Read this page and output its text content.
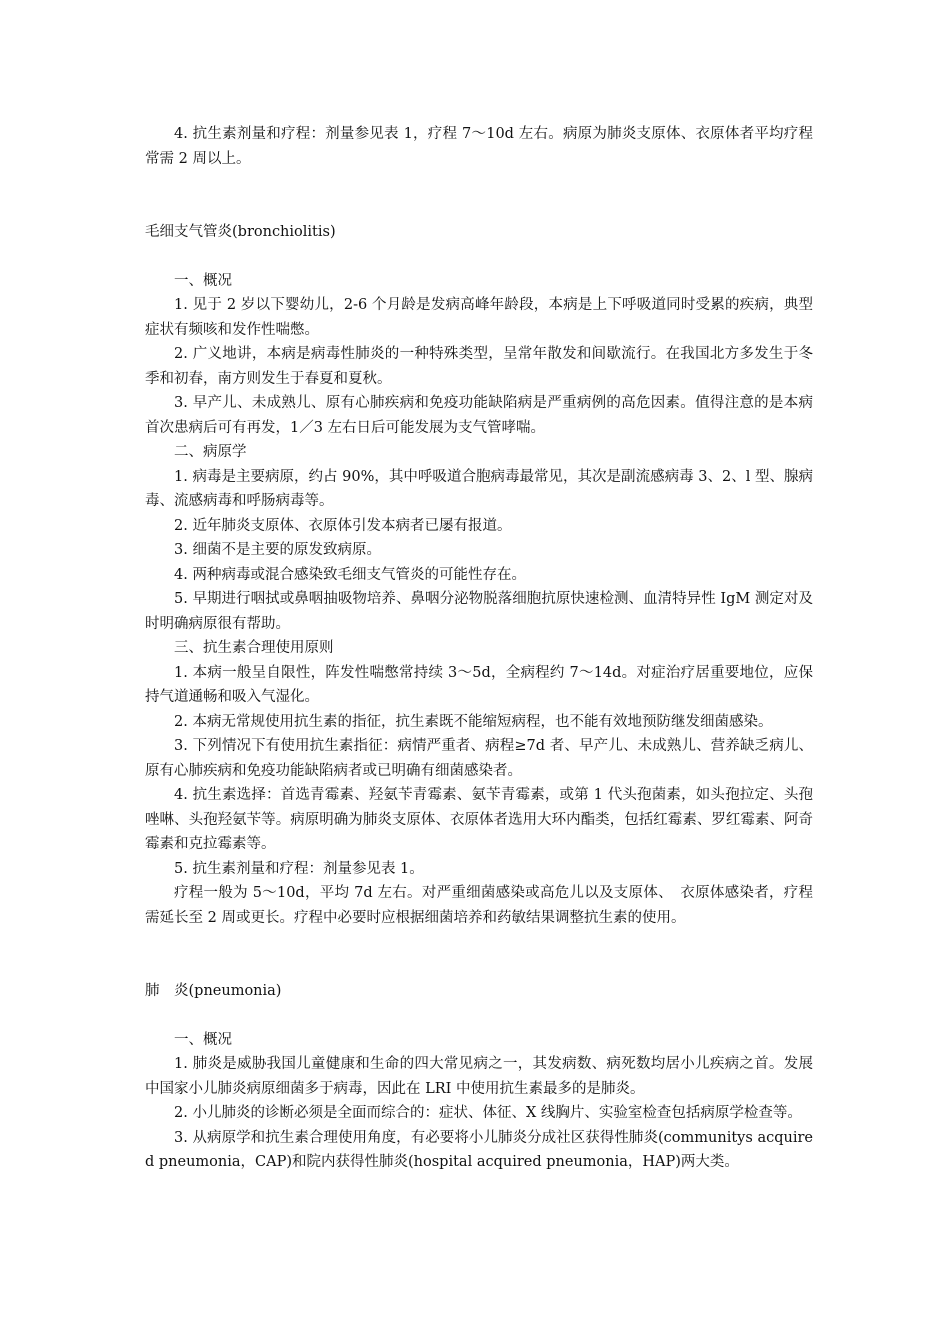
4. 抗生素剂量和疗程：剂量参见表 1，疗程 7～10d 左右。病原为肺炎支原体、衣原体者平均疗程常需 2 周以上。

毛细支气管炎(bronchiolitis)

一、概况

1. 见于 2 岁以下婴幼儿，2-6 个月龄是发病高峰年龄段，本病是上下呼吸道同时受累的疾病，典型症状有频咳和发作性喘憋。

2. 广义地讲，本病是病毒性肺炎的一种特殊类型，呈常年散发和间歇流行。在我国北方多发生于冬季和初春，南方则发生于春夏和夏秋。

3. 早产儿、未成熟儿、原有心肺疾病和免疫功能缺陷病是严重病例的高危因素。值得注意的是本病首次患病后可有再发，1／3 左右日后可能发展为支气管哮喘。

二、病原学

1. 病毒是主要病原，约占 90%，其中呼吸道合胞病毒最常见，其次是副流感病毒 3、2、l 型、腺病毒、流感病毒和呼肠病毒等。

2. 近年肺炎支原体、衣原体引发本病者已屡有报道。

3. 细菌不是主要的原发致病原。

4. 两种病毒或混合感染致毛细支气管炎的可能性存在。

5. 早期进行咽拭或鼻咽抽吸物培养、鼻咽分泌物脱落细胞抗原快速检测、血清特异性 IgM 测定对及时明确病原很有帮助。

三、抗生素合理使用原则

1. 本病一般呈自限性，阵发性喘憋常持续 3～5d，全病程约 7～14d。对症治疗居重要地位，应保持气道通畅和吸入气湿化。

2. 本病无常规使用抗生素的指征，抗生素既不能缩短病程，也不能有效地预防继发细菌感染。

3. 下列情况下有使用抗生素指征：病情严重者、病程≥7d 者、早产儿、未成熟儿、营养缺乏病儿、原有心肺疾病和免疫功能缺陷病者或已明确有细菌感染者。

4. 抗生素选择：首选青霉素、羟氨苄青霉素、氨苄青霉素，或第 1 代头孢菌素，如头孢拉定、头孢唑啉、头孢羟氨苄等。病原明确为肺炎支原体、衣原体者选用大环内酯类，包括红霉素、罗红霉素、阿奇霉素和克拉霉素等。

5. 抗生素剂量和疗程：剂量参见表 1。

疗程一般为 5～10d，平均 7d 左右。对严重细菌感染或高危儿以及支原体、　衣原体感染者，疗程需延长至 2 周或更长。疗程中必要时应根据细菌培养和药敏结果调整抗生素的使用。

肺　炎(pneumonia)

一、概况

1. 肺炎是威胁我国儿童健康和生命的四大常见病之一，其发病数、病死数均居小儿疾病之首。发展中国家小儿肺炎病原细菌多于病毒，因此在 LRI 中使用抗生素最多的是肺炎。

2. 小儿肺炎的诊断必须是全面而综合的：症状、体征、X 线胸片、实验室检查包括病原学检查等。

3. 从病原学和抗生素合理使用角度，有必要将小儿肺炎分成社区获得性肺炎(communitys acquired pneumonia，CAP)和院内获得性肺炎(hospital acquired pneumonia，HAP)两大类。
